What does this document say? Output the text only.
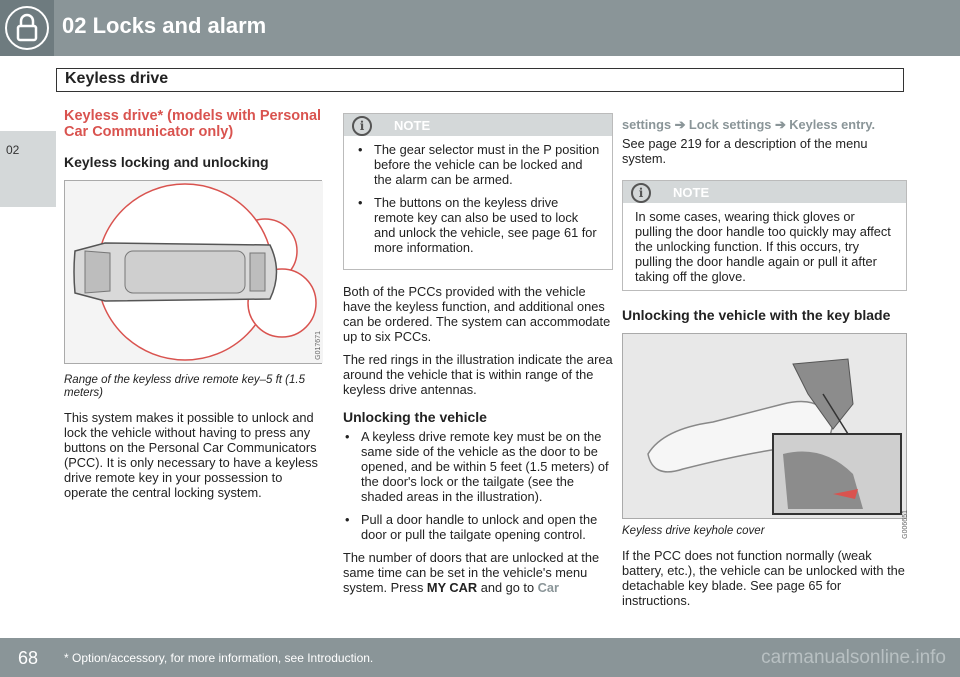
02 Locks and alarm
Keyless drive
02
Keyless drive* (models with Personal Car Communicator only)
Keyless locking and unlocking
G017671
Range of the keyless drive remote key–5 ft (1.5 meters)

This system makes it possible to unlock and lock the vehicle without having to press any buttons on the Personal Car Communicators (PCC). It is only necessary to have a keyless drive remote key in your possession to operate the central locking system.

i	NOTE
• The gear selector must in the P position before the vehicle can be locked and the alarm can be armed.
• The buttons on the keyless drive remote key can also be used to lock and unlock the vehicle, see page 61 for more information.

Both of the PCCs provided with the vehicle have the keyless function, and additional ones can be ordered. The system can accommodate up to six PCCs.

The red rings in the illustration indicate the area around the vehicle that is within range of the keyless drive antennas.

Unlocking the vehicle
• A keyless drive remote key must be on the same side of the vehicle as the door to be opened, and be within 5 feet (1.5 meters) of the door's lock or the tailgate (see the shaded areas in the illustration).
• Pull a door handle to unlock and open the door or pull the tailgate opening control.

The number of doors that are unlocked at the same time can be set in the vehicle's menu system. Press MY CAR and go to Car

settings ➔ Lock settings ➔ Keyless entry.

See page 219 for a description of the menu system.

i	NOTE

In some cases, wearing thick gloves or pulling the door handle too quickly may affect the unlocking function. If this occurs, try pulling the door handle again or pull it after taking off the glove.

Unlocking the vehicle with the key blade
G006651
Keyless drive keyhole cover

If the PCC does not function normally (weak battery, etc.), the vehicle can be unlocked with the detachable key blade. See page 65 for instructions.

68 * Option/accessory, for more information, see Introduction.	carmanualsonline.info
